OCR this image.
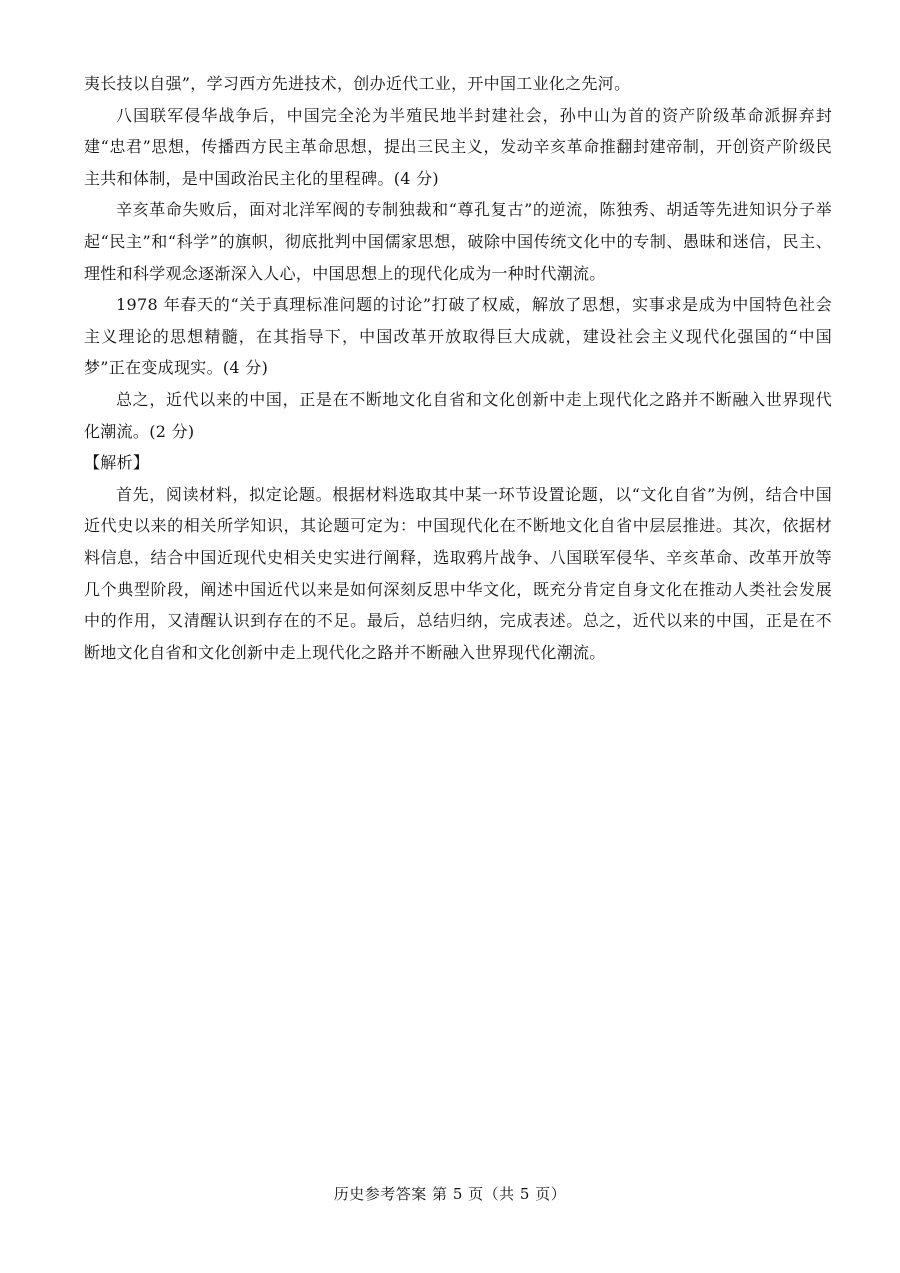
夷长技以自强”，学习西方先进技术，创办近代工业，开中国工业化之先河。

八国联军侵华战争后，中国完全沦为半殖民地半封建社会，孙中山为首的资产阶级革命派摒弃封建“忠君”思想，传播西方民主革命思想，提出三民主义，发动辛亥革命推翻封建帝制，开创资产阶级民主共和体制，是中国政治民主化的里程碑。(4 分)

辛亥革命失败后，面对北洋军阀的专制独裁和“尊孔复古”的逆流，陈独秀、胡适等先进知识分子举起“民主”和“科学”的旗帜，彻底批判中国儒家思想，破除中国传统文化中的专制、愚昧和迷信，民主、理性和科学观念逐渐深入人心，中国思想上的现代化成为一种时代潮流。

1978 年春天的“关于真理标准问题的讨论”打破了权威，解放了思想，实事求是成为中国特色社会主义理论的思想精髓，在其指导下，中国改革开放取得巨大成就，建设社会主义现代化强国的“中国梦”正在变成现实。(4 分)

总之，近代以来的中国，正是在不断地文化自省和文化创新中走上现代化之路并不断融入世界现代化潮流。(2 分)

【解析】

首先，阅读材料，拟定论题。根据材料选取其中某一环节设置论题，以“文化自省”为例，结合中国近代史以来的相关所学知识，其论题可定为：中国现代化在不断地文化自省中层层推进。其次，依据材料信息，结合中国近现代史相关史实进行阐释，选取鸦片战争、八国联军侵华、辛亥革命、改革开放等几个典型阶段，阐述中国近代以来是如何深刻反思中华文化，既充分肯定自身文化在推动人类社会发展中的作用，又清醒认识到存在的不足。最后，总结归纳，完成表述。总之，近代以来的中国，正是在不断地文化自省和文化创新中走上现代化之路并不断融入世界现代化潮流。

历史参考答案 第 5 页（共 5 页）
